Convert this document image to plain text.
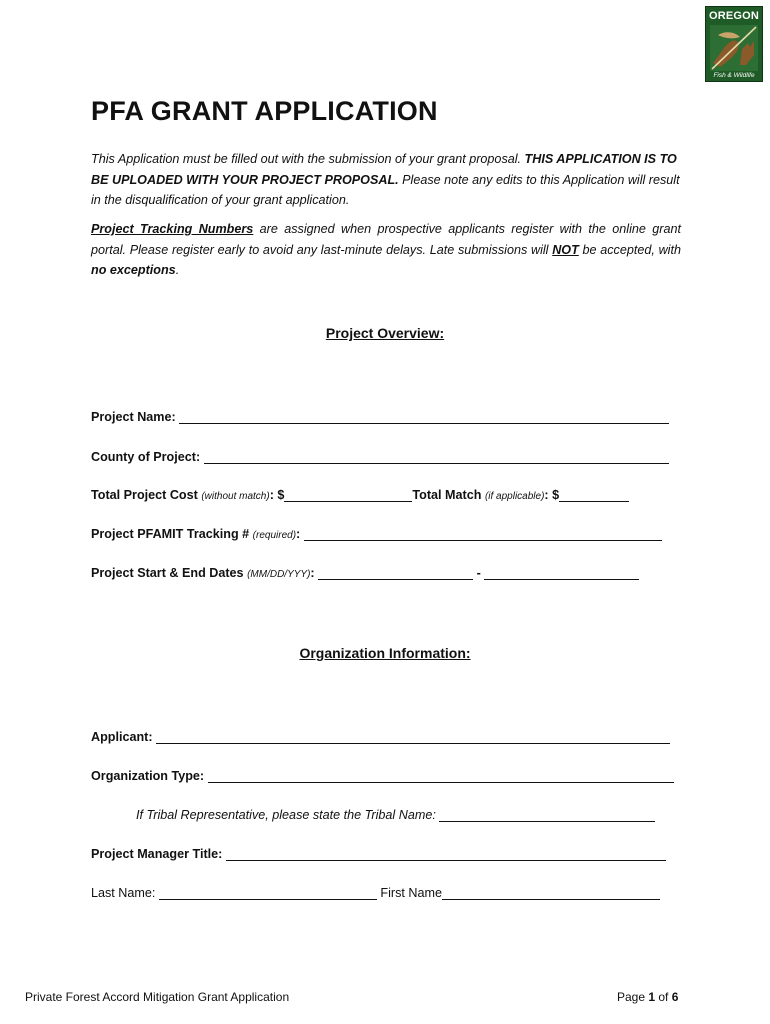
OREGON
Fish & Wildlife
PFA GRANT APPLICATION
This Application must be filled out with the submission of your grant proposal. THIS APPLICATION IS TO BE UPLOADED WITH YOUR PROJECT PROPOSAL. Please note any edits to this Application will result in the disqualification of your grant application.
Project Tracking Numbers are assigned when prospective applicants register with the online grant portal. Please register early to avoid any last-minute delays. Late submissions will NOT be accepted, with no exceptions.
Project Overview:
Project Name:
County of Project:
Total Project Cost (without match): $	Total Match (if applicable): $
Project PFAMIT Tracking # (required):
Project Start & End Dates (MM/DD/YYY):	-
Organization Information:
Applicant:
Organization Type:
If Tribal Representative, please state the Tribal Name:
Project Manager Title:
Last Name:	First Name
Private Forest Accord Mitigation Grant Application	Page 1 of 6
